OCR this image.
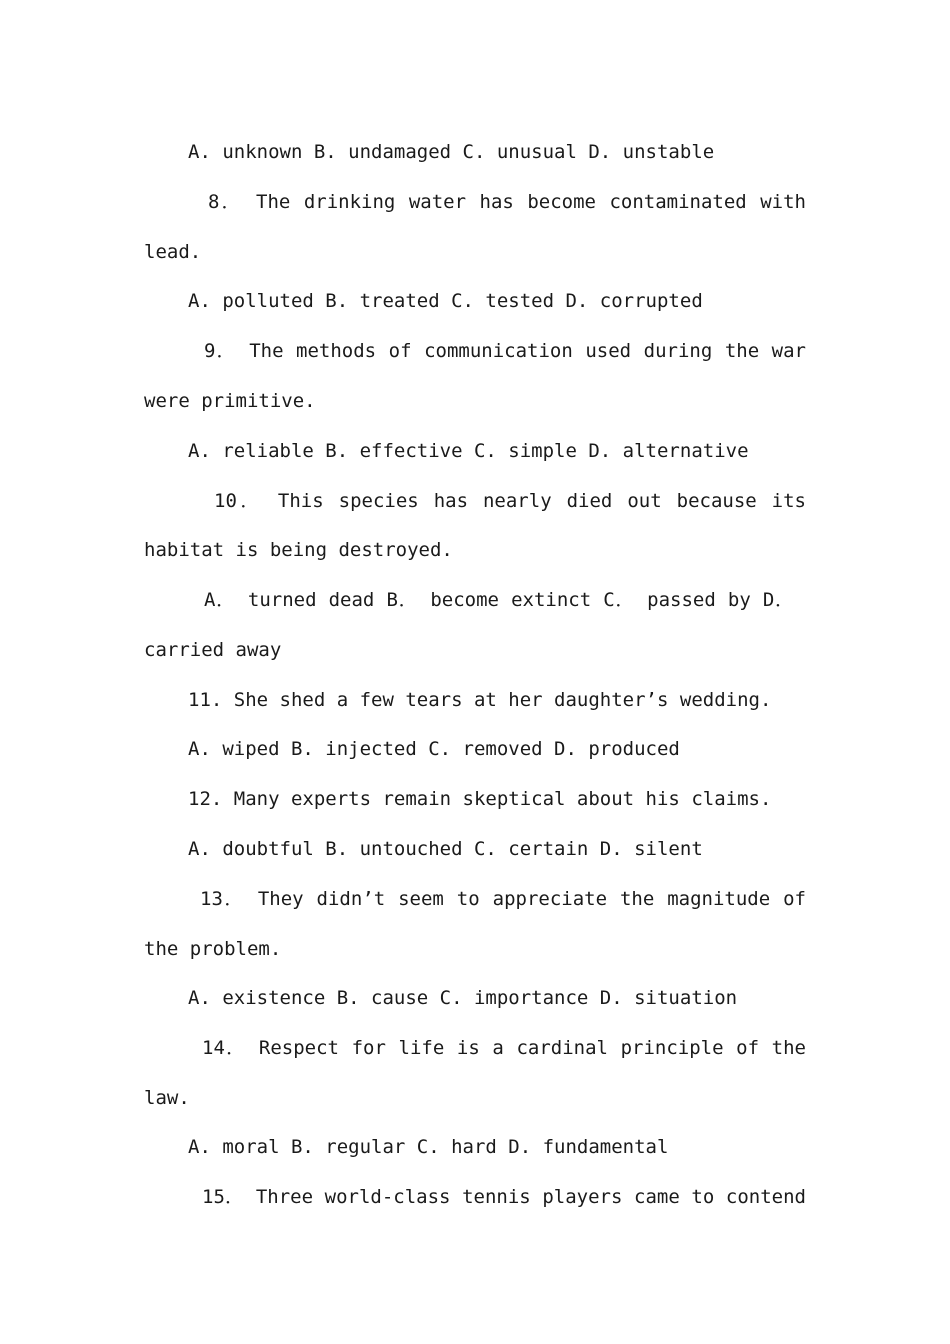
A. unknown B. undamaged C. unusual D. unstable

8． The drinking water has become contaminated with

lead.

A. polluted B. treated C. tested D. corrupted

9． The methods of communication used during the war

were primitive.

A. reliable B. effective C. simple D. alternative

10． This species has nearly died out because its

habitat is being destroyed.

A． turned dead B． become extinct C． passed by D．

carried away

11. She shed a few tears at her daughter’s wedding.

A. wiped B. injected C. removed D. produced

12. Many experts remain skeptical about his claims.

A. doubtful B. untouched C. certain D. silent

13． They didn’t seem to appreciate the magnitude of

the problem.

A. existence B. cause C. importance D. situation

14． Respect for life is a cardinal principle of the

law.

A. moral B. regular C. hard D. fundamental

15． Three world-class tennis players came to contend
